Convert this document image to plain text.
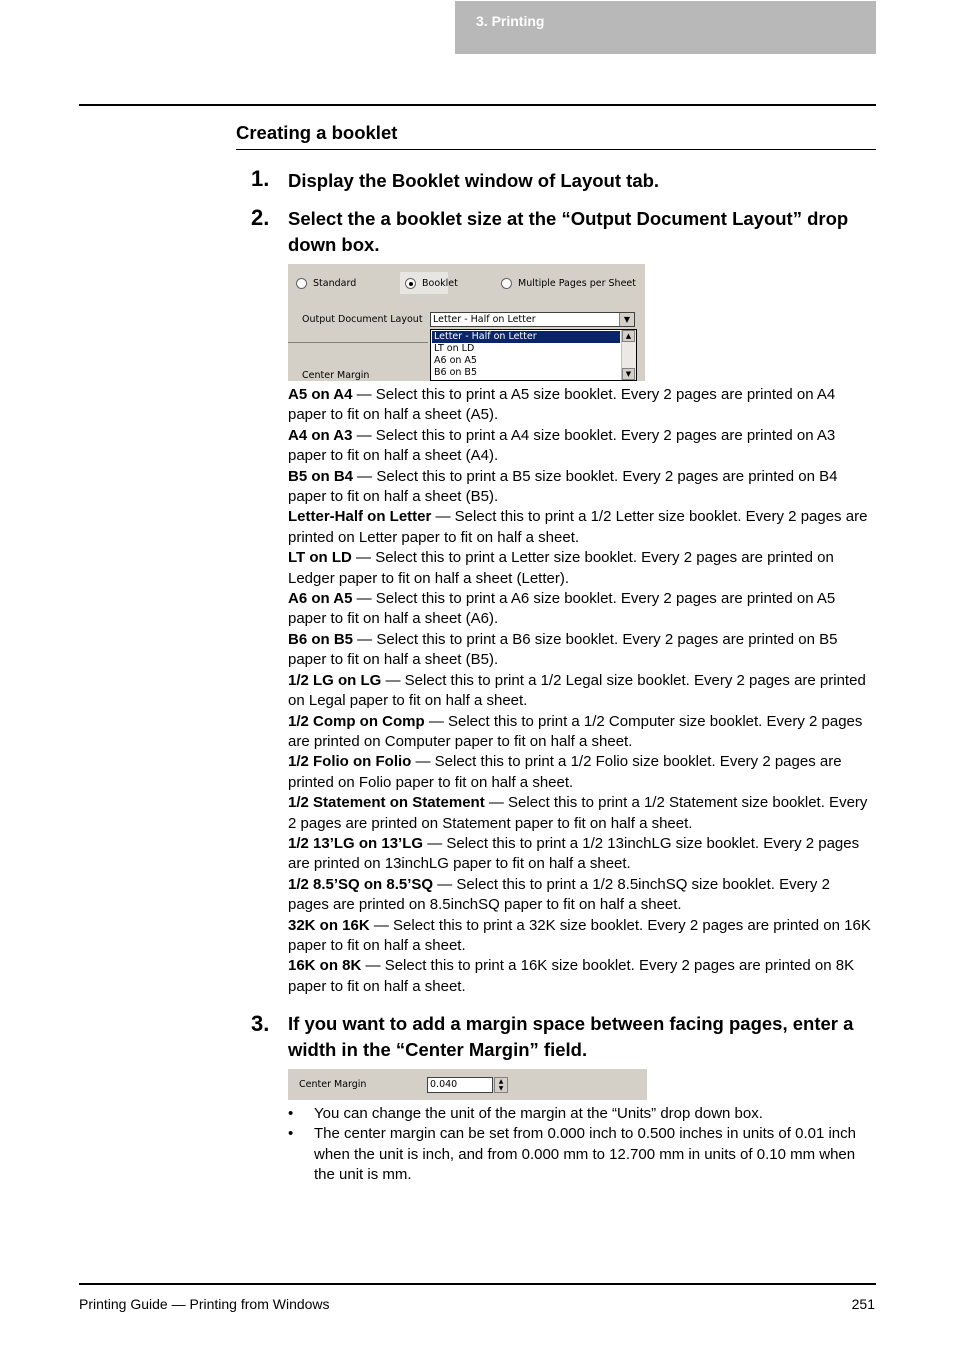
3. Printing
Creating a booklet
1. Display the Booklet window of Layout tab.
2. Select the a booklet size at the “Output Document Layout” drop down box.
Standard	Booklet	Multiple Pages per Sheet
Output Document Layout Letter - Half on Letter	▼
Letter - Half on Letter
LT on LD
A6 on A5
B6 on B5
▲
▼
Center Margin

A5 on A4 — Select this to print a A5 size booklet. Every 2 pages are printed on A4 paper to fit on half a sheet (A5).

A4 on A3 — Select this to print a A4 size booklet. Every 2 pages are printed on A3 paper to fit on half a sheet (A4).

B5 on B4 — Select this to print a B5 size booklet. Every 2 pages are printed on B4 paper to fit on half a sheet (B5).

Letter-Half on Letter — Select this to print a 1/2 Letter size booklet. Every 2 pages are printed on Letter paper to fit on half a sheet.

LT on LD — Select this to print a Letter size booklet. Every 2 pages are printed on Ledger paper to fit on half a sheet (Letter).

A6 on A5 — Select this to print a A6 size booklet. Every 2 pages are printed on A5 paper to fit on half a sheet (A6).

B6 on B5 — Select this to print a B6 size booklet. Every 2 pages are printed on B5 paper to fit on half a sheet (B5).

1/2 LG on LG — Select this to print a 1/2 Legal size booklet. Every 2 pages are printed on Legal paper to fit on half a sheet.

1/2 Comp on Comp — Select this to print a 1/2 Computer size booklet. Every 2 pages are printed on Computer paper to fit on half a sheet.

1/2 Folio on Folio — Select this to print a 1/2 Folio size booklet. Every 2 pages are printed on Folio paper to fit on half a sheet.

1/2 Statement on Statement — Select this to print a 1/2 Statement size booklet. Every 2 pages are printed on Statement paper to fit on half a sheet.

1/2 13’LG on 13’LG — Select this to print a 1/2 13inchLG size booklet. Every 2 pages are printed on 13inchLG paper to fit on half a sheet.

1/2 8.5’SQ on 8.5’SQ — Select this to print a 1/2 8.5inchSQ size booklet. Every 2 pages are printed on 8.5inchSQ paper to fit on half a sheet.

32K on 16K — Select this to print a 32K size booklet. Every 2 pages are printed on 16K paper to fit on half a sheet.

16K on 8K — Select this to print a 16K size booklet. Every 2 pages are printed on 8K paper to fit on half a sheet.

3. If you want to add a margin space between facing pages, enter a width in the “Center Margin” field.
Center Margin	0.040	▲
▼
• You can change the unit of the margin at the “Units” drop down box.
• The center margin can be set from 0.000 inch to 0.500 inches in units of 0.01 inch when the unit is inch, and from 0.000 mm to 12.700 mm in units of 0.10 mm when the unit is mm.
Printing Guide — Printing from Windows	251
